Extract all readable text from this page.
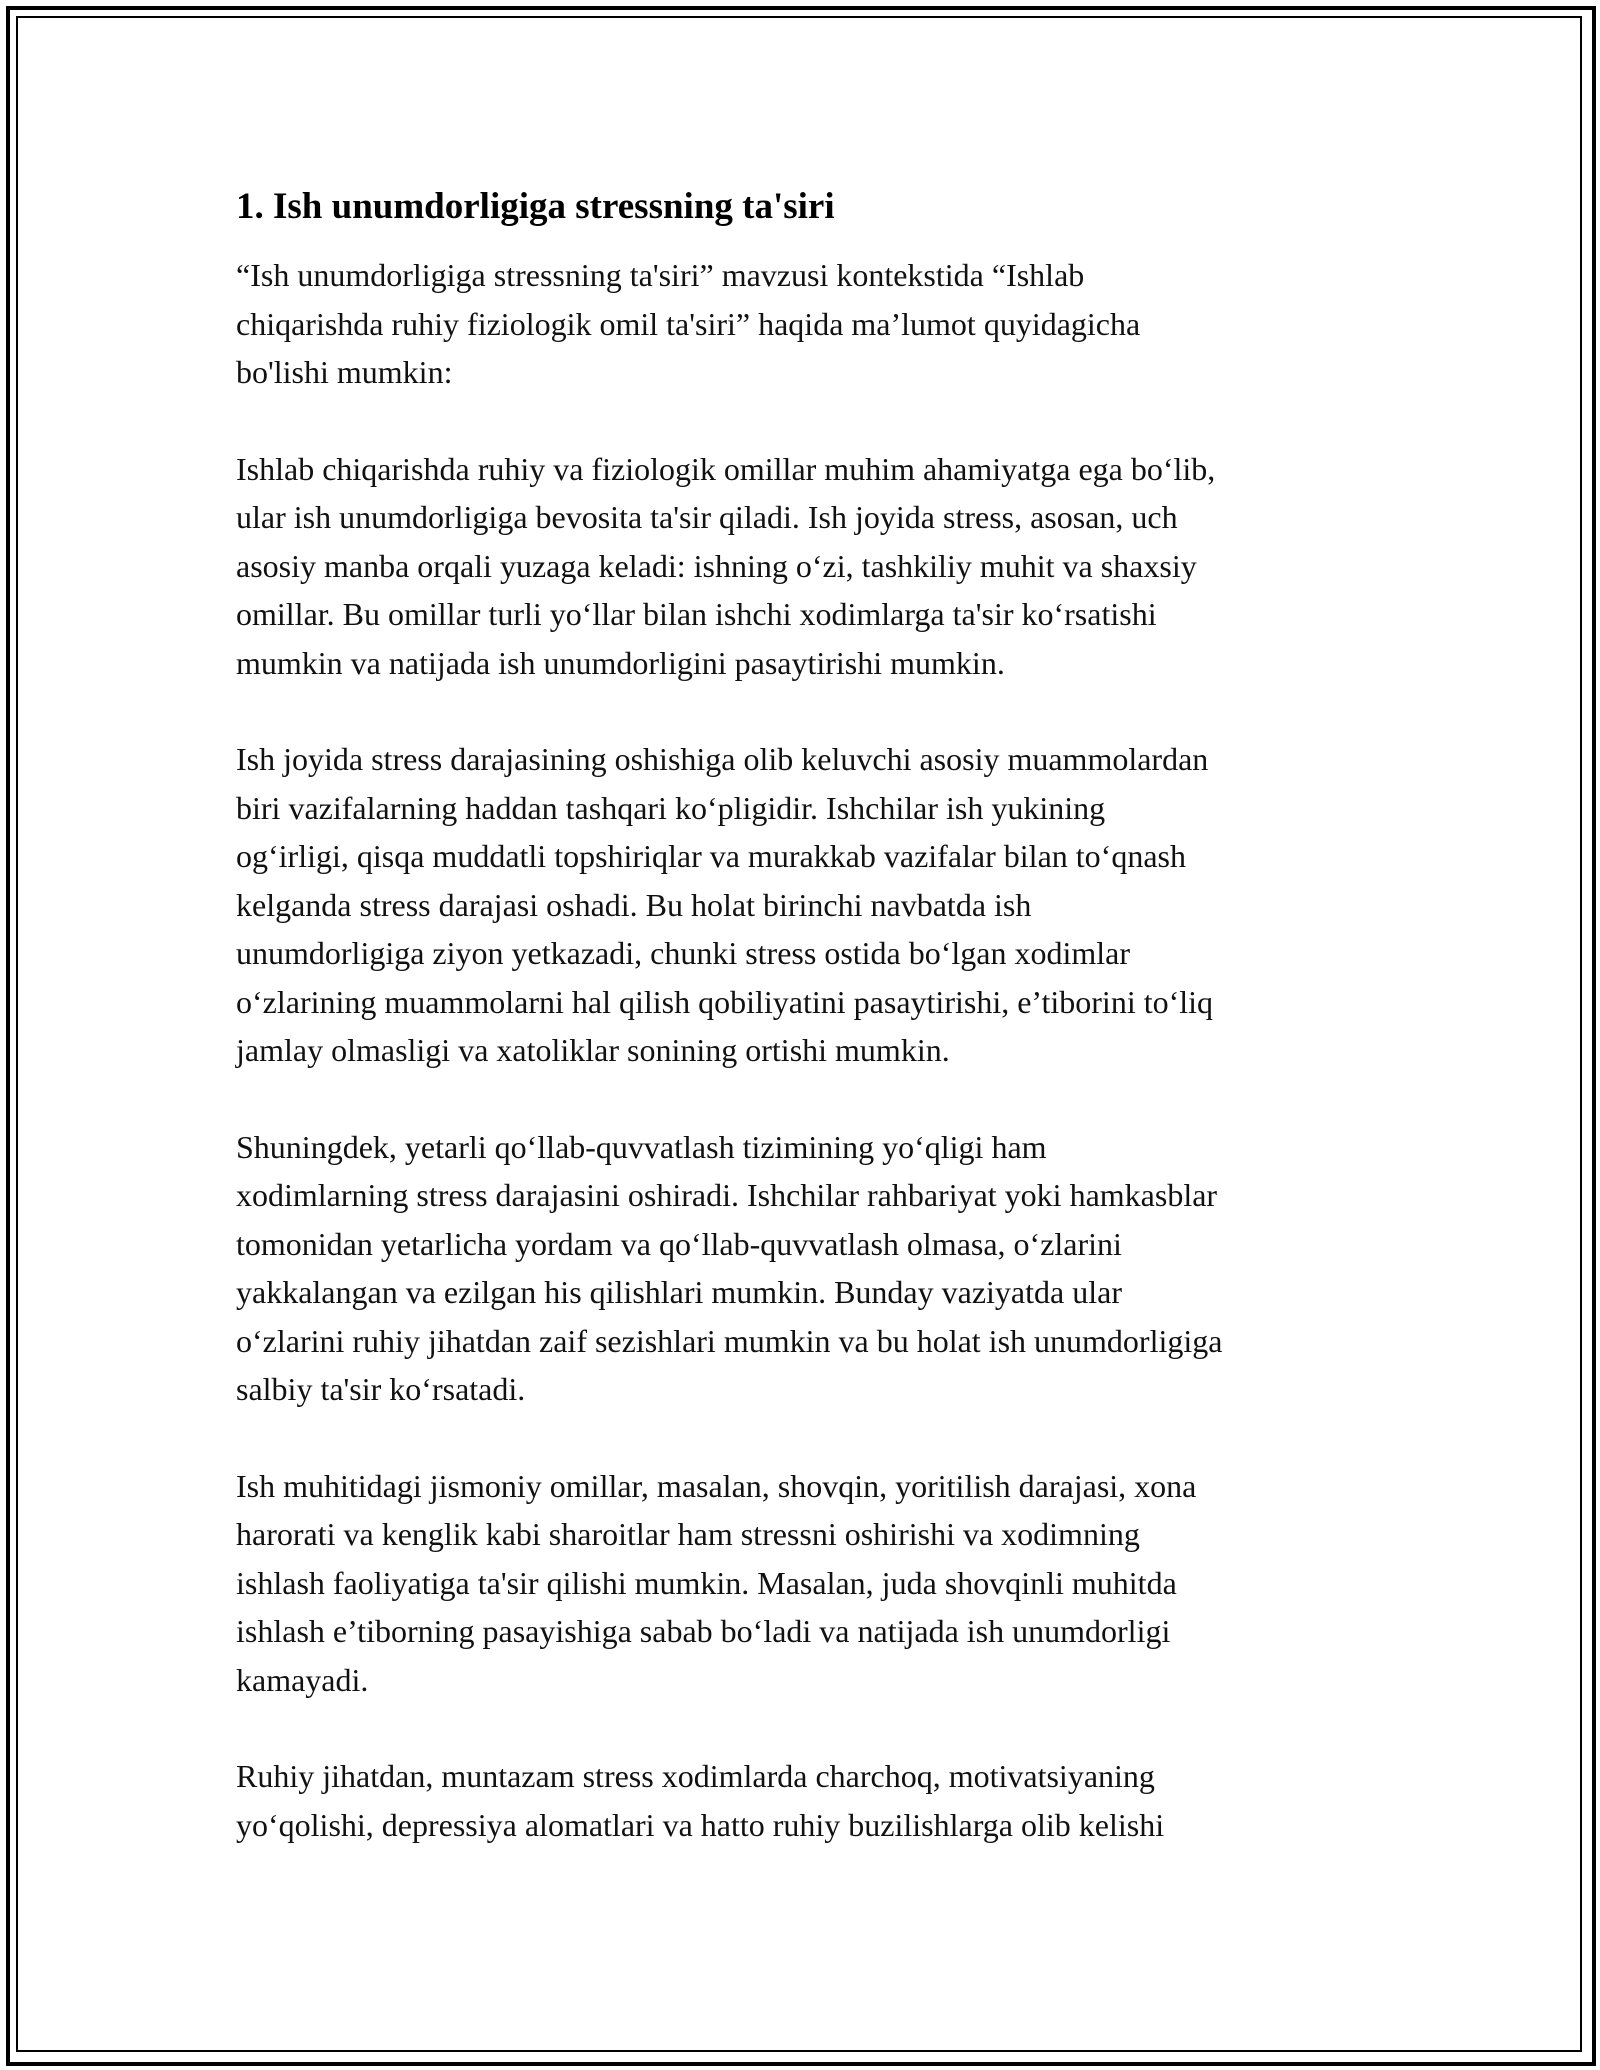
1. Ish unumdorligiga stressning ta'siri

“Ish unumdorligiga stressning ta'siri” mavzusi kontekstida “Ishlab
chiqarishda ruhiy fiziologik omil ta'siri” haqida ma’lumot quyidagicha
bo'lishi mumkin:

Ishlab chiqarishda ruhiy va fiziologik omillar muhim ahamiyatga ega boʻlib,
ular ish unumdorligiga bevosita ta'sir qiladi. Ish joyida stress, asosan, uch
asosiy manba orqali yuzaga keladi: ishning oʻzi, tashkiliy muhit va shaxsiy
omillar. Bu omillar turli yoʻllar bilan ishchi xodimlarga ta'sir koʻrsatishi
mumkin va natijada ish unumdorligini pasaytirishi mumkin.

Ish joyida stress darajasining oshishiga olib keluvchi asosiy muammolardan
biri vazifalarning haddan tashqari koʻpligidir. Ishchilar ish yukining
ogʻirligi, qisqa muddatli topshiriqlar va murakkab vazifalar bilan toʻqnash
kelganda stress darajasi oshadi. Bu holat birinchi navbatda ish
unumdorligiga ziyon yetkazadi, chunki stress ostida boʻlgan xodimlar
oʻzlarining muammolarni hal qilish qobiliyatini pasaytirishi, e’tiborini toʻliq
jamlay olmasligi va xatoliklar sonining ortishi mumkin.

Shuningdek, yetarli qoʻllab-quvvatlash tizimining yoʻqligi ham
xodimlarning stress darajasini oshiradi. Ishchilar rahbariyat yoki hamkasblar
tomonidan yetarlicha yordam va qoʻllab-quvvatlash olmasa, oʻzlarini
yakkalangan va ezilgan his qilishlari mumkin. Bunday vaziyatda ular
oʻzlarini ruhiy jihatdan zaif sezishlari mumkin va bu holat ish unumdorligiga
salbiy ta'sir koʻrsatadi.

Ish muhitidagi jismoniy omillar, masalan, shovqin, yoritilish darajasi, xona
harorati va kenglik kabi sharoitlar ham stressni oshirishi va xodimning
ishlash faoliyatiga ta'sir qilishi mumkin. Masalan, juda shovqinli muhitda
ishlash e’tiborning pasayishiga sabab boʻladi va natijada ish unumdorligi
kamayadi.

Ruhiy jihatdan, muntazam stress xodimlarda charchoq, motivatsiyaning
yoʻqolishi, depressiya alomatlari va hatto ruhiy buzilishlarga olib kelishi
